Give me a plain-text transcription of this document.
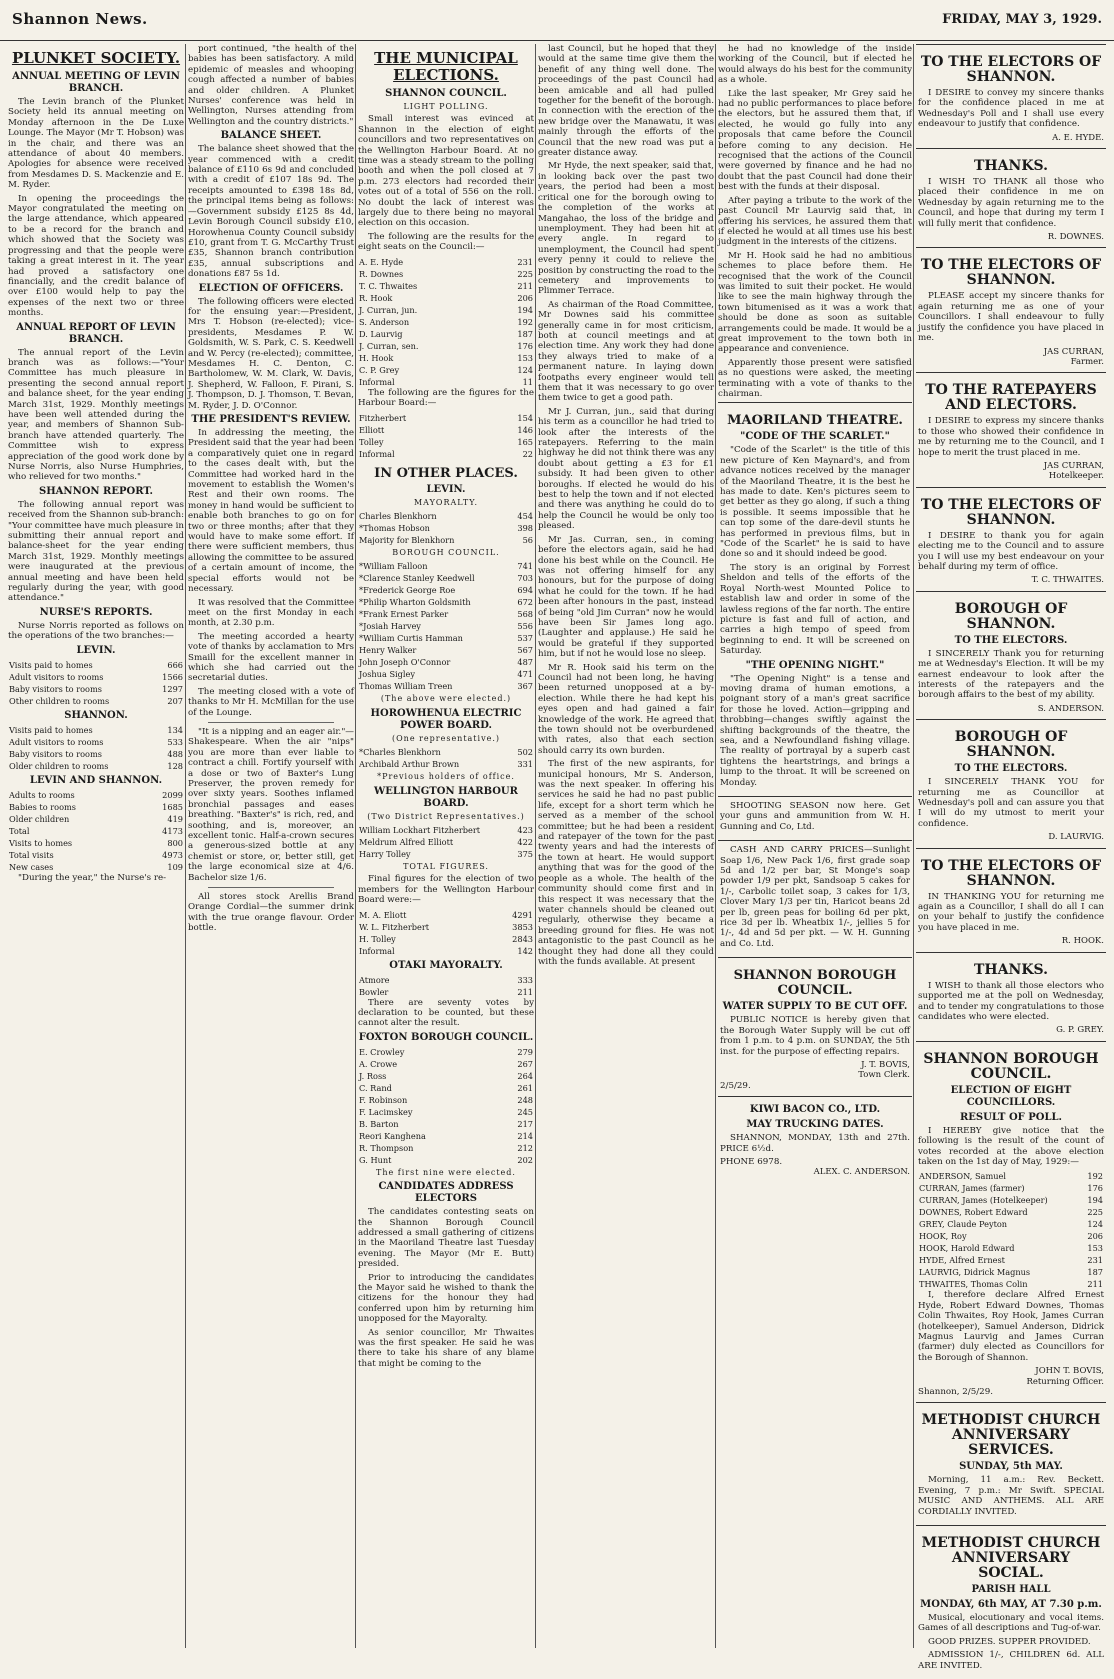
Shannon News.	FRIDAY, MAY 3, 1929.
PLUNKET SOCIETY.
ANNUAL MEETING OF LEVIN BRANCH.

The Levin branch of the Plunket Society held its annual meeting on Monday afternoon in the De Luxe Lounge. The Mayor (Mr T. Hobson) was in the chair, and there was an attendance of about 40 members. Apologies for absence were received from Mesdames D. S. Mackenzie and E. M. Ryder.

In opening the proceedings the Mayor congratulated the meeting on the large attendance, which appeared to be a record for the branch and which showed that the Society was progressing and that the people were taking a great interest in it. The year had proved a satisfactory one financially, and the credit balance of over £100 would help to pay the expenses of the next two or three months.

ANNUAL REPORT OF LEVIN BRANCH.

The annual report of the Levin branch was as follows:—"Your Committee has much pleasure in presenting the second annual report and balance sheet, for the year ending March 31st, 1929. Monthly meetings have been well attended during the year, and members of Shannon Sub-branch have attended quarterly. The Committee wish to express appreciation of the good work done by Nurse Norris, also Nurse Humphries, who relieved for two months."

SHANNON REPORT.

The following annual report was received from the Shannon sub-branch: "Your committee have much pleasure in submitting their annual report and balance-sheet for the year ending March 31st, 1929. Monthly meetings were inaugurated at the previous annual meeting and have been held regularly during the year, with good attendance."

NURSE'S REPORTS.

Nurse Norris reported as follows on the operations of the two branches:—

LEVIN.
Visits paid to homes	666
Adult visitors to rooms	1566
Baby visitors to rooms	1297
Other children to rooms	207
SHANNON.
Visits paid to homes	134
Adult visitors to rooms	533
Baby visitors to rooms	488
Older children to rooms	128
LEVIN AND SHANNON.
Adults to rooms	2099
Babies to rooms	1685
Older children	419
Total	4173
Visits to homes	800
Total visits	4973
New cases	109

"During the year," the Nurse's re-

port continued, "the health of the babies has been satisfactory. A mild epidemic of measles and whooping cough affected a number of babies and older children. A Plunket Nurses' conference was held in Wellington, Nurses attending from Wellington and the country districts."

BALANCE SHEET.

The balance sheet showed that the year commenced with a credit balance of £110 6s 9d and concluded with a credit of £107 18s 9d. The receipts amounted to £398 18s 8d, the principal items being as follows:—Government subsidy £125 8s 4d, Levin Borough Council subsidy £10, Horowhenua County Council subsidy £10, grant from T. G. McCarthy Trust £35, Shannon branch contribution £35, annual subscriptions and donations £87 5s 1d.

ELECTION OF OFFICERS.

The following officers were elected for the ensuing year:—President, Mrs T. Hobson (re-elected); vice-presidents, Mesdames P. W. Goldsmith, W. S. Park, C. S. Keedwell and W. Percy (re-elected); committee, Mesdames H. C. Denton, C. Bartholomew, W. M. Clark, W. Davis, J. Shepherd, W. Falloon, F. Pirani, S. J. Thompson, D. J. Thomson, T. Bevan, M. Ryder, J. D. O'Connor.

THE PRESIDENT'S REVIEW.

In addressing the meeting, the President said that the year had been a comparatively quiet one in regard to the cases dealt with, but the Committee had worked hard in the movement to establish the Women's Rest and their own rooms. The money in hand would be sufficient to enable both branches to go on for two or three months; after that they would have to make some effort. If there were sufficient members, thus allowing the committee to be assured of a certain amount of income, the special efforts would not be necessary.

It was resolved that the Committee meet on the first Monday in each month, at 2.30 p.m.

The meeting accorded a hearty vote of thanks by acclamation to Mrs Smaill for the excellent manner in which she had carried out the secretarial duties.

The meeting closed with a vote of thanks to Mr H. McMillan for the use of the Lounge.

"It is a nipping and an eager air."—Shakespeare. When the air "nips" you are more than ever liable to contract a chill. Fortify yourself with a dose or two of Baxter's Lung Preserver, the proven remedy for over sixty years. Soothes inflamed bronchial passages and eases breathing. "Baxter's" is rich, red, and soothing, and is, moreover, an excellent tonic. Half-a-crown secures a generous-sized bottle at any chemist or store, or, better still, get the large economical size at 4/6. Bachelor size 1/6.

All stores stock Arellis Brand Orange Cordial—the summer drink with the true orange flavour. Order bottle.

THE MUNICIPAL ELECTIONS.
SHANNON COUNCIL.
LIGHT POLLING.

Small interest was evinced at Shannon in the election of eight councillors and two representatives on the Wellington Harbour Board. At no time was a steady stream to the polling booth and when the poll closed at 7 p.m. 273 electors had recorded their votes out of a total of 556 on the roll. No doubt the lack of interest was largely due to there being no mayoral election on this occasion.

The following are the results for the eight seats on the Council:—

A. E. Hyde	231
R. Downes	225
T. C. Thwaites	211
R. Hook	206
J. Curran, jun.	194
S. Anderson	192
D. Laurvig	187
J. Curran, sen.	176
H. Hook	153
C. P. Grey	124
Informal	11

The following are the figures for the Harbour Board:—

Fitzherbert	154
Elliott	146
Tolley	165
Informal	22
IN OTHER PLACES.
LEVIN.
MAYORALTY.
Charles Blenkhorn	454
*Thomas Hobson	398
Majority for Blenkhorn	56
BOROUGH COUNCIL.
*William Falloon	741
*Clarence Stanley Keedwell	703
*Frederick George Roe	694
*Philip Wharton Goldsmith	672
*Frank Ernest Parker	568
*Josiah Harvey	556
*William Curtis Hamman	537
Henry Walker	567
John Joseph O'Connor	487
Joshua Sigley	471
Thomas William Treen	367
(The above were elected.)
HOROWHENUA ELECTRIC POWER BOARD.
(One representative.)
*Charles Blenkhorn	502
Archibald Arthur Brown	331
*Previous holders of office.
WELLINGTON HARBOUR BOARD.
(Two District Representatives.)
William Lockhart Fitzherbert	423
Meldrum Alfred Elliott	422
Harry Tolley	375
TOTAL FIGURES.

Final figures for the election of two members for the Wellington Harbour Board were:—

M. A. Eliott	4291
W. L. Fitzherbert	3853
H. Tolley	2843
Informal	142
OTAKI MAYORALTY.
Atmore	333
Bowler	211

There are seventy votes by declaration to be counted, but these cannot alter the result.

FOXTON BOROUGH COUNCIL.
E. Crowley	279
A. Crowe	267
J. Ross	264
C. Rand	261
F. Robinson	248
F. Lacimskey	245
B. Barton	217
Reori Kanghena	214
R. Thompson	212
G. Hunt	202
The first nine were elected.
CANDIDATES ADDRESS ELECTORS

The candidates contesting seats on the Shannon Borough Council addressed a small gathering of citizens in the Maoriland Theatre last Tuesday evening. The Mayor (Mr E. Butt) presided.

Prior to introducing the candidates the Mayor said he wished to thank the citizens for the honour they had conferred upon him by returning him unopposed for the Mayoralty.

As senior councillor, Mr Thwaites was the first speaker. He said he was there to take his share of any blame that might be coming to the

last Council, but he hoped that they would at the same time give them the benefit of any thing well done. The proceedings of the past Council had been amicable and all had pulled together for the benefit of the borough. In connection with the erection of the new bridge over the Manawatu, it was mainly through the efforts of the Council that the new road was put a greater distance away.

Mr Hyde, the next speaker, said that, in looking back over the past two years, the period had been a most critical one for the borough owing to the completion of the works at Mangahao, the loss of the bridge and unemployment. They had been hit at every angle. In regard to unemployment, the Council had spent every penny it could to relieve the position by constructing the road to the cemetery and improvements to Plimmer Terrace.

As chairman of the Road Committee, Mr Downes said his committee generally came in for most criticism, both at council meetings and at election time. Any work they had done they always tried to make of a permanent nature. In laying down footpaths every engineer would tell them that it was necessary to go over them twice to get a good path.

Mr J. Curran, jun., said that during his term as a councillor he had tried to look after the interests of the ratepayers. Referring to the main highway he did not think there was any doubt about getting a £3 for £1 subsidy. It had been given to other boroughs. If elected he would do his best to help the town and if not elected and there was anything he could do to help the Council he would be only too pleased.

Mr Jas. Curran, sen., in coming before the electors again, said he had done his best while on the Council. He was not offering himself for any honours, but for the purpose of doing what he could for the town. If he had been after honours in the past, instead of being "old Jim Curran" now he would have been Sir James long ago. (Laughter and applause.) He said he would be grateful if they supported him, but if not he would lose no sleep.

Mr R. Hook said his term on the Council had not been long, he having been returned unopposed at a by-election. While there he had kept his eyes open and had gained a fair knowledge of the work. He agreed that the town should not be overburdened with rates, also that each section should carry its own burden.

The first of the new aspirants, for municipal honours, Mr S. Anderson, was the next speaker. In offering his services he said he had no past public life, except for a short term which he served as a member of the school committee; but he had been a resident and ratepayer of the town for the past twenty years and had the interests of the town at heart. He would support anything that was for the good of the people as a whole. The health of the community should come first and in this respect it was necessary that the water channels should be cleaned out regularly, otherwise they became a breeding ground for flies. He was not antagonistic to the past Council as he thought they had done all they could with the funds available. At present

he had no knowledge of the inside working of the Council, but if elected he would always do his best for the community as a whole.

Like the last speaker, Mr Grey said he had no public performances to place before the electors, but he assured them that, if elected, he would go fully into any proposals that came before the Council before coming to any decision. He recognised that the actions of the Council were governed by finance and he had no doubt that the past Council had done their best with the funds at their disposal.

After paying a tribute to the work of the past Council Mr Laurvig said that, in offering his services, he assured them that if elected he would at all times use his best judgment in the interests of the citizens.

Mr H. Hook said he had no ambitious schemes to place before them. He recognised that the work of the Council was limited to suit their pocket. He would like to see the main highway through the town bitumenised as it was a work that should be done as soon as suitable arrangements could be made. It would be a great improvement to the town both in appearance and convenience.

Apparently those present were satisfied as no questions were asked, the meeting terminating with a vote of thanks to the chairman.

MAORILAND THEATRE.
"CODE OF THE SCARLET."

"Code of the Scarlet" is the title of this new picture of Ken Maynard's, and from advance notices received by the manager of the Maoriland Theatre, it is the best he has made to date. Ken's pictures seem to get better as they go along, if such a thing is possible. It seems impossible that he can top some of the dare-devil stunts he has performed in previous films, but in "Code of the Scarlet" he is said to have done so and it should indeed be good.

The story is an original by Forrest Sheldon and tells of the efforts of the Royal North-west Mounted Police to establish law and order in some of the lawless regions of the far north. The entire picture is fast and full of action, and carries a high tempo of speed from beginning to end. It will be screened on Saturday.

"THE OPENING NIGHT."

"The Opening Night" is a tense and moving drama of human emotions, a poignant story of a man's great sacrifice for those he loved. Action—gripping and throbbing—changes swiftly against the shifting backgrounds of the theatre, the sea, and a Newfoundland fishing village. The reality of portrayal by a superb cast tightens the heartstrings, and brings a lump to the throat. It will be screened on Monday.

SHOOTING SEASON now here. Get your guns and ammunition from W. H. Gunning and Co, Ltd.

CASH AND CARRY PRICES—Sunlight Soap 1/6, New Pack 1/6, first grade soap 5d and 1/2 per bar, St Monge's soap powder 1/9 per pkt, Sandsoap 5 cakes for 1/-, Carbolic toilet soap, 3 cakes for 1/3, Clover Mary 1/3 per tin, Haricot beans 2d per lb, green peas for boiling 6d per pkt, rice 3d per lb. Wheatbix 1/-, jellies 5 for 1/-, 4d and 5d per pkt. — W. H. Gunning and Co. Ltd.

SHANNON BOROUGH COUNCIL.
WATER SUPPLY TO BE CUT OFF.

PUBLIC NOTICE is hereby given that the Borough Water Supply will be cut off from 1 p.m. to 4 p.m. on SUNDAY, the 5th inst. for the purpose of effecting repairs.

J. T. BOVIS,
Town Clerk.
2/5/29.
KIWI BACON CO., LTD.
MAY TRUCKING DATES.

SHANNON, MONDAY, 13th and 27th. PRICE 6½d.

PHONE 6978.
ALEX. C. ANDERSON.
TO THE ELECTORS OF SHANNON.

I DESIRE to convey my sincere thanks for the confidence placed in me at Wednesday's Poll and I shall use every endeavour to justify that confidence.

A. E. HYDE.
THANKS.

I WISH TO THANK all those who placed their confidence in me on Wednesday by again returning me to the Council, and hope that during my term I will fully merit that confidence.

R. DOWNES.
TO THE ELECTORS OF SHANNON.

PLEASE accept my sincere thanks for again returning me as one of your Councillors. I shall endeavour to fully justify the confidence you have placed in me.

JAS CURRAN,
Farmer.
TO THE RATEPAYERS AND ELECTORS.

I DESIRE to express my sincere thanks to those who showed their confidence in me by returning me to the Council, and I hope to merit the trust placed in me.

JAS CURRAN,
Hotelkeeper.
TO THE ELECTORS OF SHANNON.

I DESIRE to thank you for again electing me to the Council and to assure you I will use my best endeavour on your behalf during my term of office.

T. C. THWAITES.
BOROUGH OF SHANNON.
TO THE ELECTORS.

I SINCERELY Thank you for returning me at Wednesday's Election. It will be my earnest endeavour to look after the interests of the ratepayers and the borough affairs to the best of my ability.

S. ANDERSON.
BOROUGH OF SHANNON.
TO THE ELECTORS.

I SINCERELY THANK YOU for returning me as Councillor at Wednesday's poll and can assure you that I will do my utmost to merit your confidence.

D. LAURVIG.
TO THE ELECTORS OF SHANNON.

IN THANKING YOU for returning me again as a Councillor, I shall do all I can on your behalf to justify the confidence you have placed in me.

R. HOOK.
THANKS.

I WISH to thank all those electors who supported me at the poll on Wednesday, and to tender my congratulations to those candidates who were elected.

G. P. GREY.
SHANNON BOROUGH COUNCIL.
ELECTION OF EIGHT COUNCILLORS.
RESULT OF POLL.

I HEREBY give notice that the following is the result of the count of votes recorded at the above election taken on the 1st day of May, 1929:—

ANDERSON, Samuel	192
CURRAN, James (farmer)	176
CURRAN, James (Hotelkeeper)	194
DOWNES, Robert Edward	225
GREY, Claude Peyton	124
HOOK, Roy	206
HOOK, Harold Edward	153
HYDE, Alfred Ernest	231
LAURVIG, Didrick Magnus	187
THWAITES, Thomas Colin	211

I, therefore declare Alfred Ernest Hyde, Robert Edward Downes, Thomas Colin Thwaites, Roy Hook, James Curran (hotelkeeper), Samuel Anderson, Didrick Magnus Laurvig and James Curran (farmer) duly elected as Councillors for the Borough of Shannon.

JOHN T. BOVIS,
Returning Officer.
Shannon, 2/5/29.
METHODIST CHURCH ANNIVERSARY SERVICES.
SUNDAY, 5th MAY.

Morning, 11 a.m.: Rev. Beckett. Evening, 7 p.m.: Mr Swift. SPECIAL MUSIC AND ANTHEMS. ALL ARE CORDIALLY INVITED.

METHODIST CHURCH ANNIVERSARY SOCIAL.
PARISH HALL
MONDAY, 6th MAY, AT 7.30 p.m.

Musical, elocutionary and vocal items. Games of all descriptions and Tug-of-war.

GOOD PRIZES. SUPPER PROVIDED.

ADMISSION 1/-, CHILDREN 6d. ALL ARE INVITED.
